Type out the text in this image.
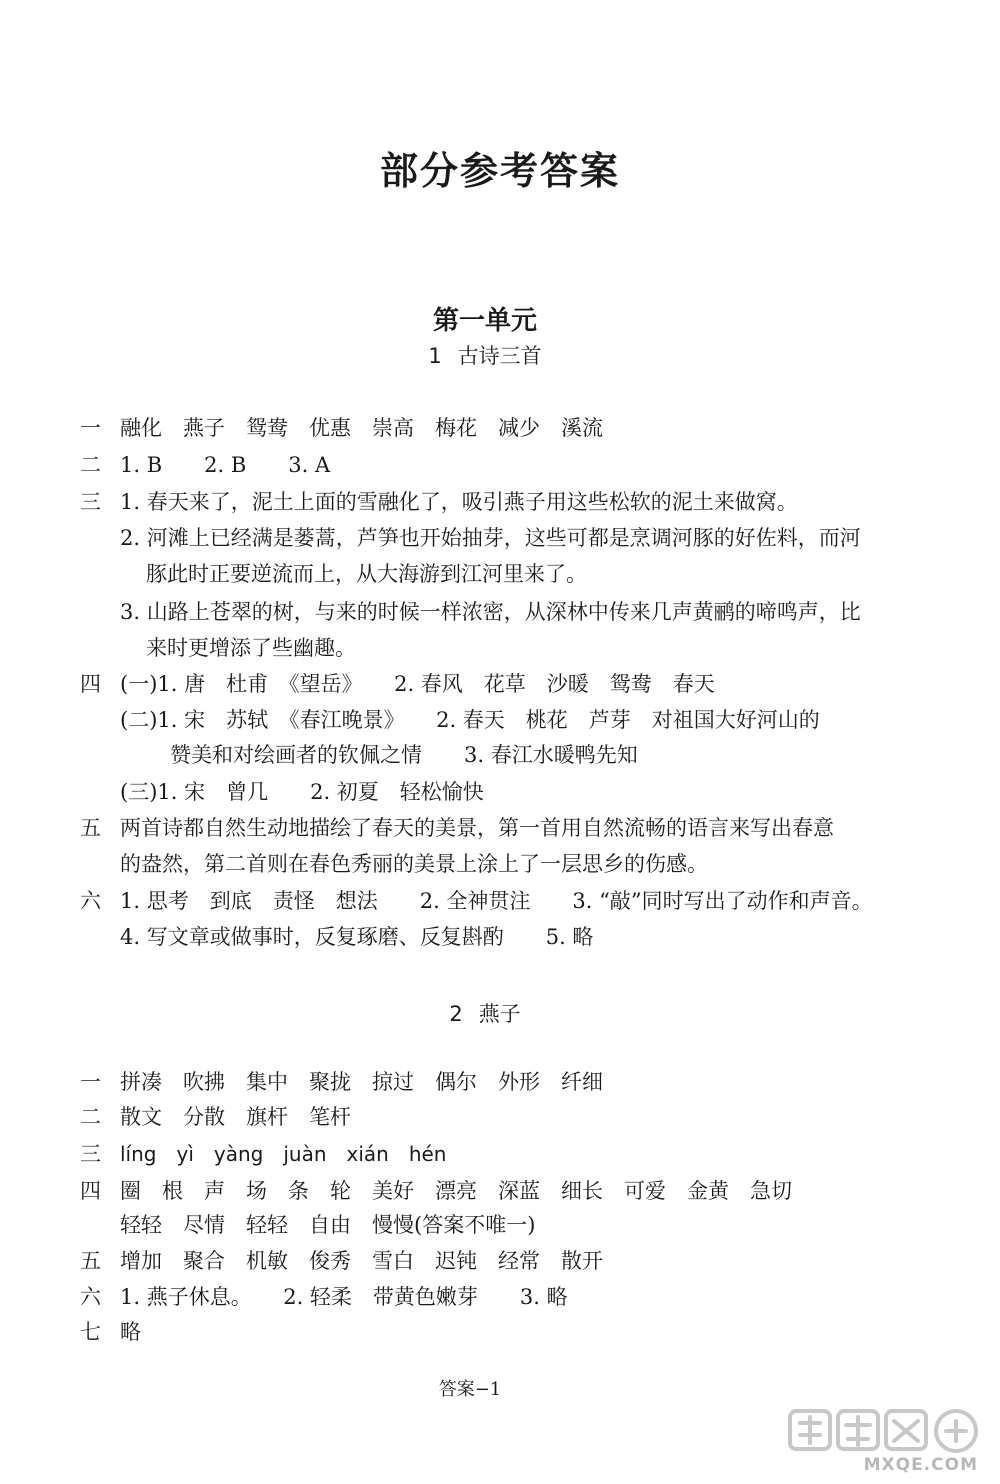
部分参考答案
第一单元
1 古诗三首
一 融化　燕子　鸳鸯　优惠　崇高　梅花　减少　溪流
二 1. B　　2. B　　3. A
三 1. 春天来了，泥土上面的雪融化了，吸引燕子用这些松软的泥土来做窝。
2. 河滩上已经满是蒌蒿，芦笋也开始抽芽，这些可都是烹调河豚的好佐料，而河
豚此时正要逆流而上，从大海游到江河里来了。
3. 山路上苍翠的树，与来的时候一样浓密，从深林中传来几声黄鹂的啼鸣声，比
来时更增添了些幽趣。
四 (一)1. 唐　杜甫　《望岳》　　2. 春风　花草　沙暖　鸳鸯　春天
(二)1. 宋　苏轼　《春江晚景》　　2. 春天　桃花　芦芽　对祖国大好河山的
赞美和对绘画者的钦佩之情　　3. 春江水暖鸭先知
(三)1. 宋　曾几　　2. 初夏　轻松愉快
五 两首诗都自然生动地描绘了春天的美景，第一首用自然流畅的语言来写出春意
的盎然，第二首则在春色秀丽的美景上涂上了一层思乡的伤感。
六 1. 思考　到底　责怪　想法　　2. 全神贯注　　3. “敲”同时写出了动作和声音。
4. 写文章或做事时，反复琢磨、反复斟酌　　5. 略
2 燕子
一 拼凑　吹拂　集中　聚拢　掠过　偶尔　外形　纤细
二 散文　分散　旗杆　笔杆
三 líng　yì　yàng　juàn　xián　hén
四 圈　根　声　场　条　轮　美好　漂亮　深蓝　细长　可爱　金黄　急切
轻轻　尽情　轻轻　自由　慢慢(答案不唯一)
五 增加　聚合　机敏　俊秀　雪白　迟钝　经常　散开
六 1. 燕子休息。　　2. 轻柔　带黄色嫩芽　　3. 略
七 略
答案−1
MXQE.COM
